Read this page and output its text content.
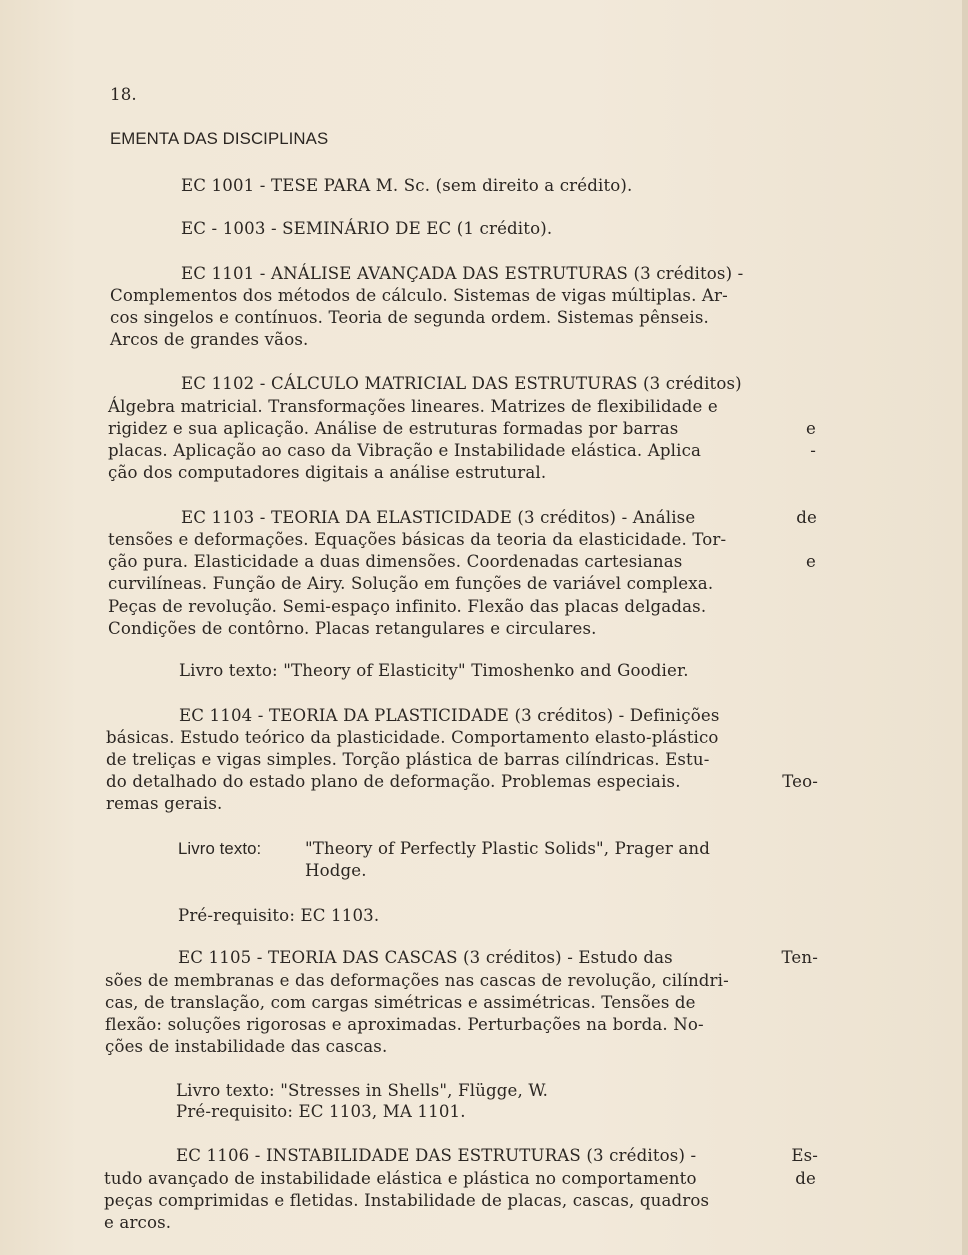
18.
EMENTA DAS DISCIPLINAS
EC 1001 - TESE PARA M. Sc. (sem direito a crédito).
EC - 1003 - SEMINÁRIO DE EC (1 crédito).
EC 1101 - ANÁLISE AVANÇADA DAS ESTRUTURAS (3 créditos) -
Complementos dos métodos de cálculo. Sistemas de vigas múltiplas. Ar-
cos singelos e contínuos. Teoria de segunda ordem. Sistemas pênseis.
Arcos de grandes vãos.
EC 1102 - CÁLCULO MATRICIAL DAS ESTRUTURAS (3 créditos)
Álgebra matricial. Transformações lineares. Matrizes de flexibilidade e
rigidez e sua aplicação. Análise de estruturas formadas por barras	e
placas. Aplicação ao caso da Vibração e Instabilidade elástica. Aplica	-
ção dos computadores digitais a análise estrutural.
EC 1103 - TEORIA DA ELASTICIDADE (3 créditos) - Análise	de
tensões e deformações. Equações básicas da teoria da elasticidade. Tor-
ção pura. Elasticidade a duas dimensões. Coordenadas cartesianas	e
curvilíneas. Função de Airy. Solução em funções de variável complexa.
Peças de revolução. Semi-espaço infinito. Flexão das placas delgadas.
Condições de contôrno. Placas retangulares e circulares.
Livro texto: "Theory of Elasticity" Timoshenko and Goodier.
EC 1104 - TEORIA DA PLASTICIDADE (3 créditos) - Definições
básicas. Estudo teórico da plasticidade. Comportamento elasto-plástico
de treliças e vigas simples. Torção plástica de barras cilíndricas. Estu-
do detalhado do estado plano de deformação. Problemas especiais.	Teo-
remas gerais.
Livro texto:	"Theory of Perfectly Plastic Solids", Prager and
Hodge.
Pré-requisito: EC 1103.
EC 1105 - TEORIA DAS CASCAS (3 créditos) - Estudo das	Ten-
sões de membranas e das deformações nas cascas de revolução, cilíndri-
cas, de translação, com cargas simétricas e assimétricas. Tensões de
flexão: soluções rigorosas e aproximadas. Perturbações na borda. No-
ções de instabilidade das cascas.
Livro texto: "Stresses in Shells", Flügge, W.
Pré-requisito: EC 1103, MA 1101.
EC 1106 - INSTABILIDADE DAS ESTRUTURAS (3 créditos) -	Es-
tudo avançado de instabilidade elástica e plástica no comportamento	de
peças comprimidas e fletidas. Instabilidade de placas, cascas, quadros
e arcos.
